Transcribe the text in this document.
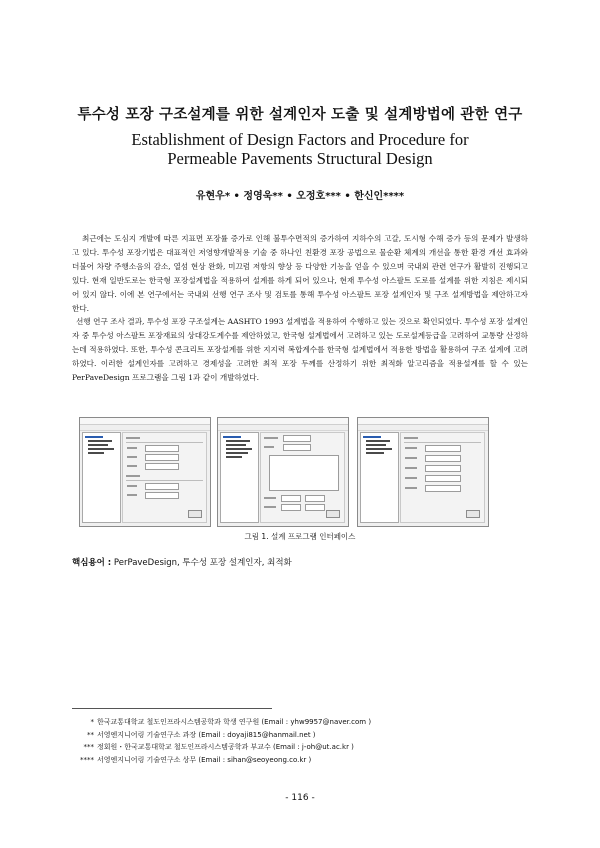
투수성 포장 구조설계를 위한 설계인자 도출 및 설계방법에 관한 연구
Establishment of Design Factors and Procedure for
Permeable Pavements Structural Design
유현우* • 정영욱** • 오정호*** • 한신인****

최근에는 도심지 개발에 따른 지표면 포장률 증가로 인해 불투수면적의 증가하여 지하수의 고갈, 도시형 수해 증가 등의 문제가 발생하고 있다. 투수성 포장기법은 대표적인 저영향개발적용 기술 중 하나인 친환경 포장 공법으로 물순환 체계의 개선을 통한 환경 개선 효과와 더불어 차량 주행소음의 감소, 열섬 현상 완화, 미끄럼 저항의 향상 등 다양한 기능을 얻을 수 있으며 국내외 관련 연구가 활발히 진행되고 있다. 현재 일반도로는 한국형 포장설계법을 적용하여 설계를 하게 되어 있으나, 현재 투수성 아스팔트 도로를 설계를 위한 지침은 제시되어 있지 않다. 이에 본 연구에서는 국내외 선행 연구 조사 및 검토를 통해 투수성 아스팔트 포장 설계인자 및 구조 설계방법을 제안하고자 한다.

선행 연구 조사 결과, 투수성 포장 구조설계는 AASHTO 1993 설계법을 적용하여 수행하고 있는 것으로 확인되었다. 투수성 포장 설계인자 중 투수성 아스팔트 포장재료의 상대강도계수를 제안하였고, 한국형 설계법에서 고려하고 있는 도로설계등급을 고려하여 교통량 산정하는데 적용하였다. 또한, 투수성 콘크리트 포장설계를 위한 지지력 복합계수를 한국형 설계법에서 적용한 방법을 활용하여 구조 설계에 고려하였다. 이러한 설계인자를 고려하고 경제성을 고려한 최적 포장 두께를 산정하기 위한 최적화 알고리즘을 적용설계를 할 수 있는 PerPaveDesign 프로그램을 그림 1과 같이 개발하였다.

그림 1. 설계 프로그램 인터페이스
핵심용어 : PerPaveDesign, 투수성 포장 설계인자, 최적화
* 한국교통대학교 철도인프라시스템공학과 학생 연구원 (Email : yhw9957@naver.com )
** 서영엔지니어링 기술연구소 과장 (Email : doyaji815@hanmail.net )
*** 정회원・한국교통대학교 철도인프라시스템공학과 부교수 (Email : j-oh@ut.ac.kr )
**** 서영엔지니어링 기술연구소 상무 (Email : sihan@seoyeong.co.kr )
- 116 -
